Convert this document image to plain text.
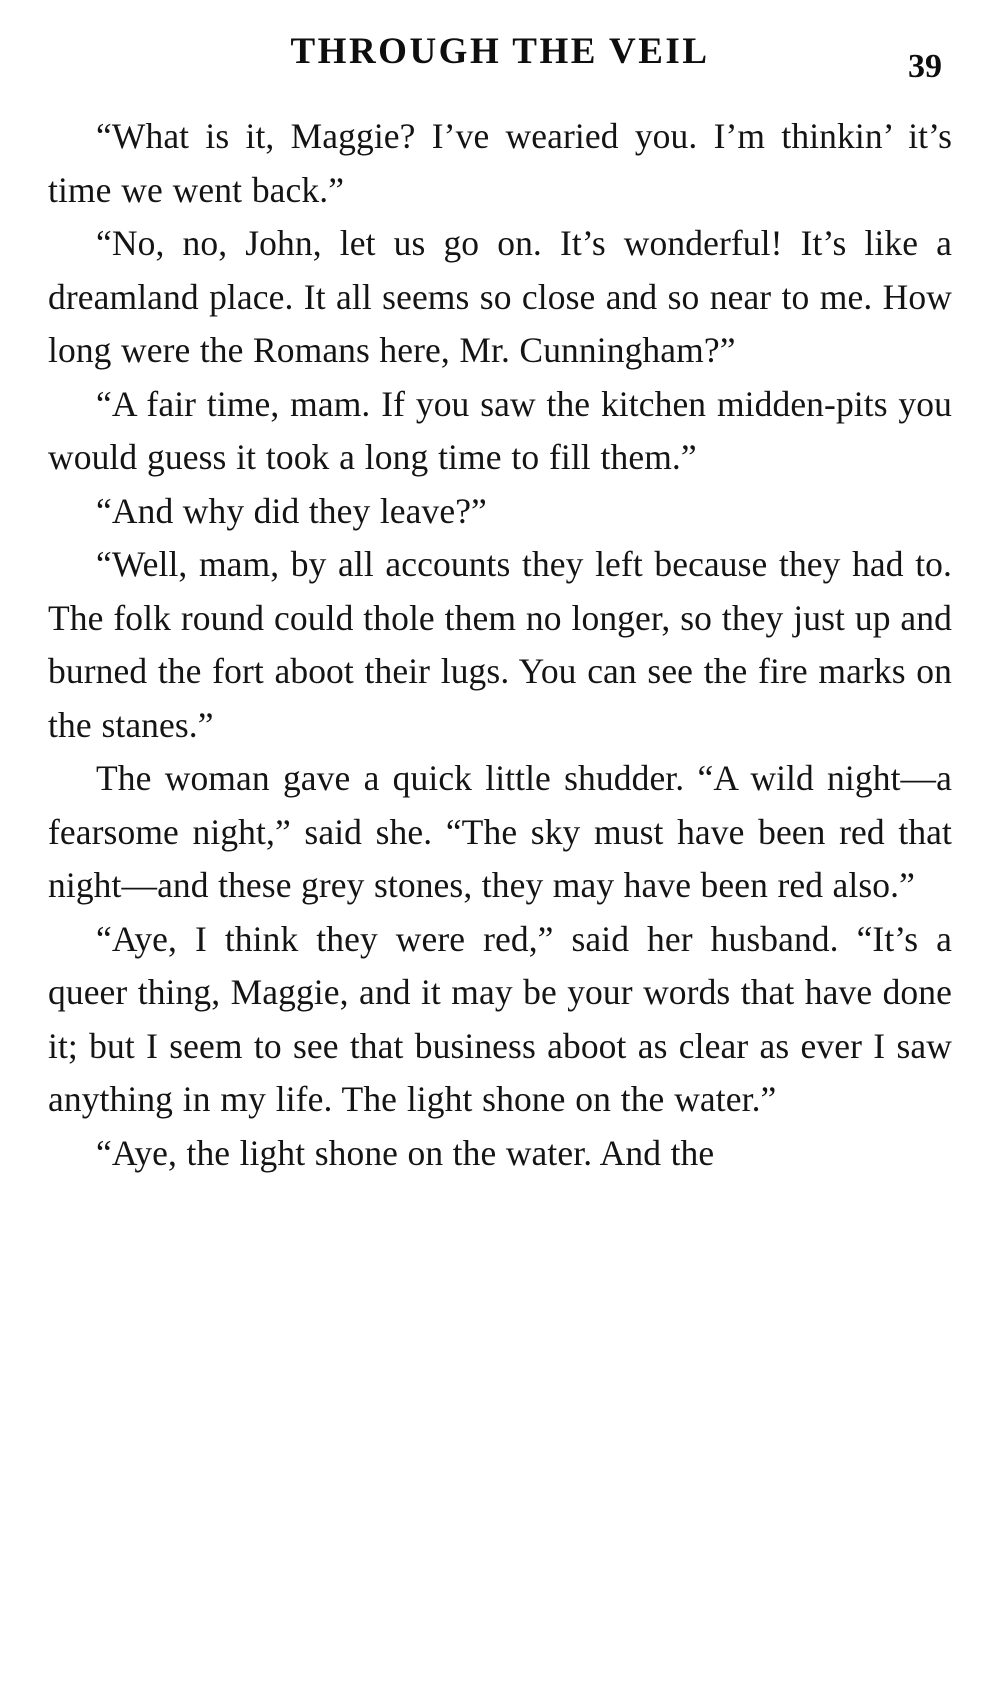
THROUGH THE VEIL	39

“What is it, Maggie? I’ve wearied you. I’m thinkin’ it’s time we went back.”

“No, no, John, let us go on. It’s wonderful! It’s like a dreamland place. It all seems so close and so near to me. How long were the Romans here, Mr. Cunningham?”

“A fair time, mam. If you saw the kitchen midden-pits you would guess it took a long time to fill them.”

“And why did they leave?”

“Well, mam, by all accounts they left because they had to. The folk round could thole them no longer, so they just up and burned the fort aboot their lugs. You can see the fire marks on the stanes.”

The woman gave a quick little shudder. “A wild night—a fearsome night,” said she. “The sky must have been red that night—and these grey stones, they may have been red also.”

“Aye, I think they were red,” said her husband. “It’s a queer thing, Maggie, and it may be your words that have done it; but I seem to see that business aboot as clear as ever I saw anything in my life. The light shone on the water.”

“Aye, the light shone on the water. And the
